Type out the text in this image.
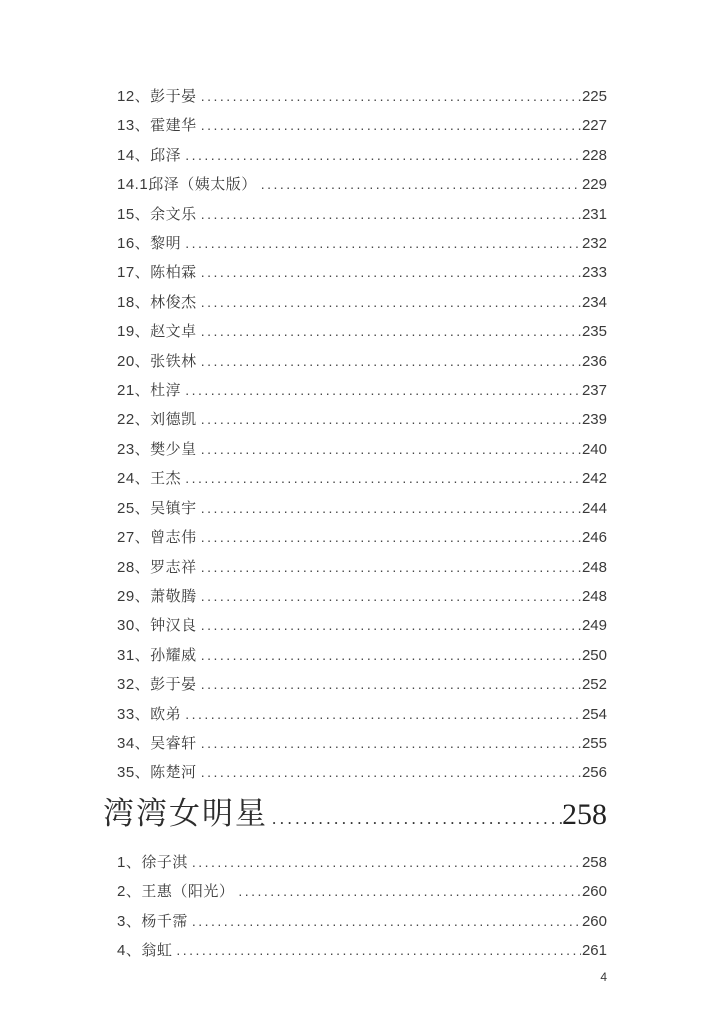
12、彭于晏 .....	225
13、霍建华 .....	227
14、邱泽 .....	228
14.1邱泽（姨太版） .....	229
15、余文乐 .....	231
16、黎明 .....	232
17、陈柏霖 .....	233
18、林俊杰 .....	234
19、赵文卓 .....	235
20、张铁林 .....	236
21、杜淳 .....	237
22、刘德凯 .....	239
23、樊少皇 .....	240
24、王杰 .....	242
25、吴镇宇 .....	244
27、曾志伟 .....	246
28、罗志祥 .....	248
29、萧敬腾 .....	248
30、钟汉良 .....	249
31、孙耀威 .....	250
32、彭于晏 .....	252
33、欧弟 .....	254
34、吴睿轩 .....	255
35、陈楚河 .....	256
湾湾女明星 .....	258
1、徐子淇 .....	258
2、王惠（阳光） .....	260
3、杨千霈 .....	260
4、翁虹 .....	261
4
